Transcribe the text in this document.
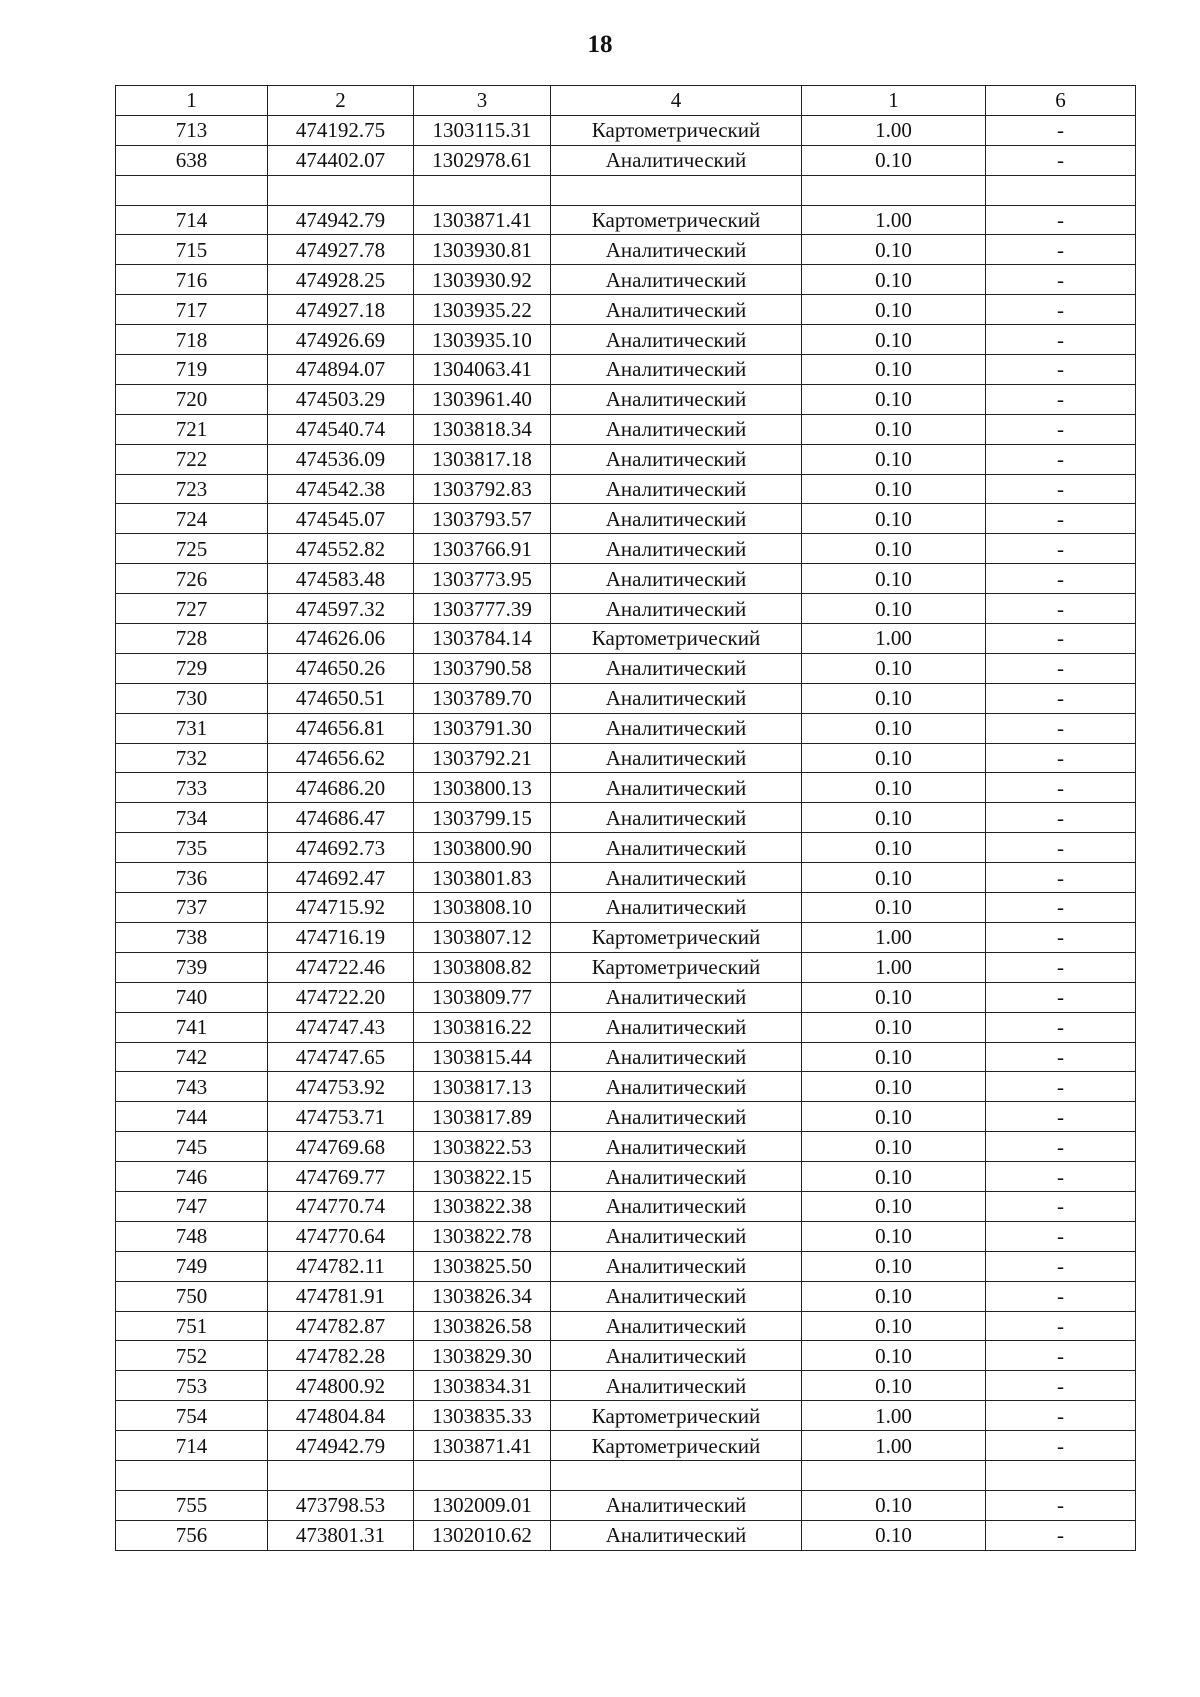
18
1	2	3	4	1	6
713	474192.75	1303115.31	Картометрический	1.00	-
638	474402.07	1302978.61	Аналитический	0.10	-

714	474942.79	1303871.41	Картометрический	1.00	-
715	474927.78	1303930.81	Аналитический	0.10	-
716	474928.25	1303930.92	Аналитический	0.10	-
717	474927.18	1303935.22	Аналитический	0.10	-
718	474926.69	1303935.10	Аналитический	0.10	-
719	474894.07	1304063.41	Аналитический	0.10	-
720	474503.29	1303961.40	Аналитический	0.10	-
721	474540.74	1303818.34	Аналитический	0.10	-
722	474536.09	1303817.18	Аналитический	0.10	-
723	474542.38	1303792.83	Аналитический	0.10	-
724	474545.07	1303793.57	Аналитический	0.10	-
725	474552.82	1303766.91	Аналитический	0.10	-
726	474583.48	1303773.95	Аналитический	0.10	-
727	474597.32	1303777.39	Аналитический	0.10	-
728	474626.06	1303784.14	Картометрический	1.00	-
729	474650.26	1303790.58	Аналитический	0.10	-
730	474650.51	1303789.70	Аналитический	0.10	-
731	474656.81	1303791.30	Аналитический	0.10	-
732	474656.62	1303792.21	Аналитический	0.10	-
733	474686.20	1303800.13	Аналитический	0.10	-
734	474686.47	1303799.15	Аналитический	0.10	-
735	474692.73	1303800.90	Аналитический	0.10	-
736	474692.47	1303801.83	Аналитический	0.10	-
737	474715.92	1303808.10	Аналитический	0.10	-
738	474716.19	1303807.12	Картометрический	1.00	-
739	474722.46	1303808.82	Картометрический	1.00	-
740	474722.20	1303809.77	Аналитический	0.10	-
741	474747.43	1303816.22	Аналитический	0.10	-
742	474747.65	1303815.44	Аналитический	0.10	-
743	474753.92	1303817.13	Аналитический	0.10	-
744	474753.71	1303817.89	Аналитический	0.10	-
745	474769.68	1303822.53	Аналитический	0.10	-
746	474769.77	1303822.15	Аналитический	0.10	-
747	474770.74	1303822.38	Аналитический	0.10	-
748	474770.64	1303822.78	Аналитический	0.10	-
749	474782.11	1303825.50	Аналитический	0.10	-
750	474781.91	1303826.34	Аналитический	0.10	-
751	474782.87	1303826.58	Аналитический	0.10	-
752	474782.28	1303829.30	Аналитический	0.10	-
753	474800.92	1303834.31	Аналитический	0.10	-
754	474804.84	1303835.33	Картометрический	1.00	-
714	474942.79	1303871.41	Картометрический	1.00	-

755	473798.53	1302009.01	Аналитический	0.10	-
756	473801.31	1302010.62	Аналитический	0.10	-
